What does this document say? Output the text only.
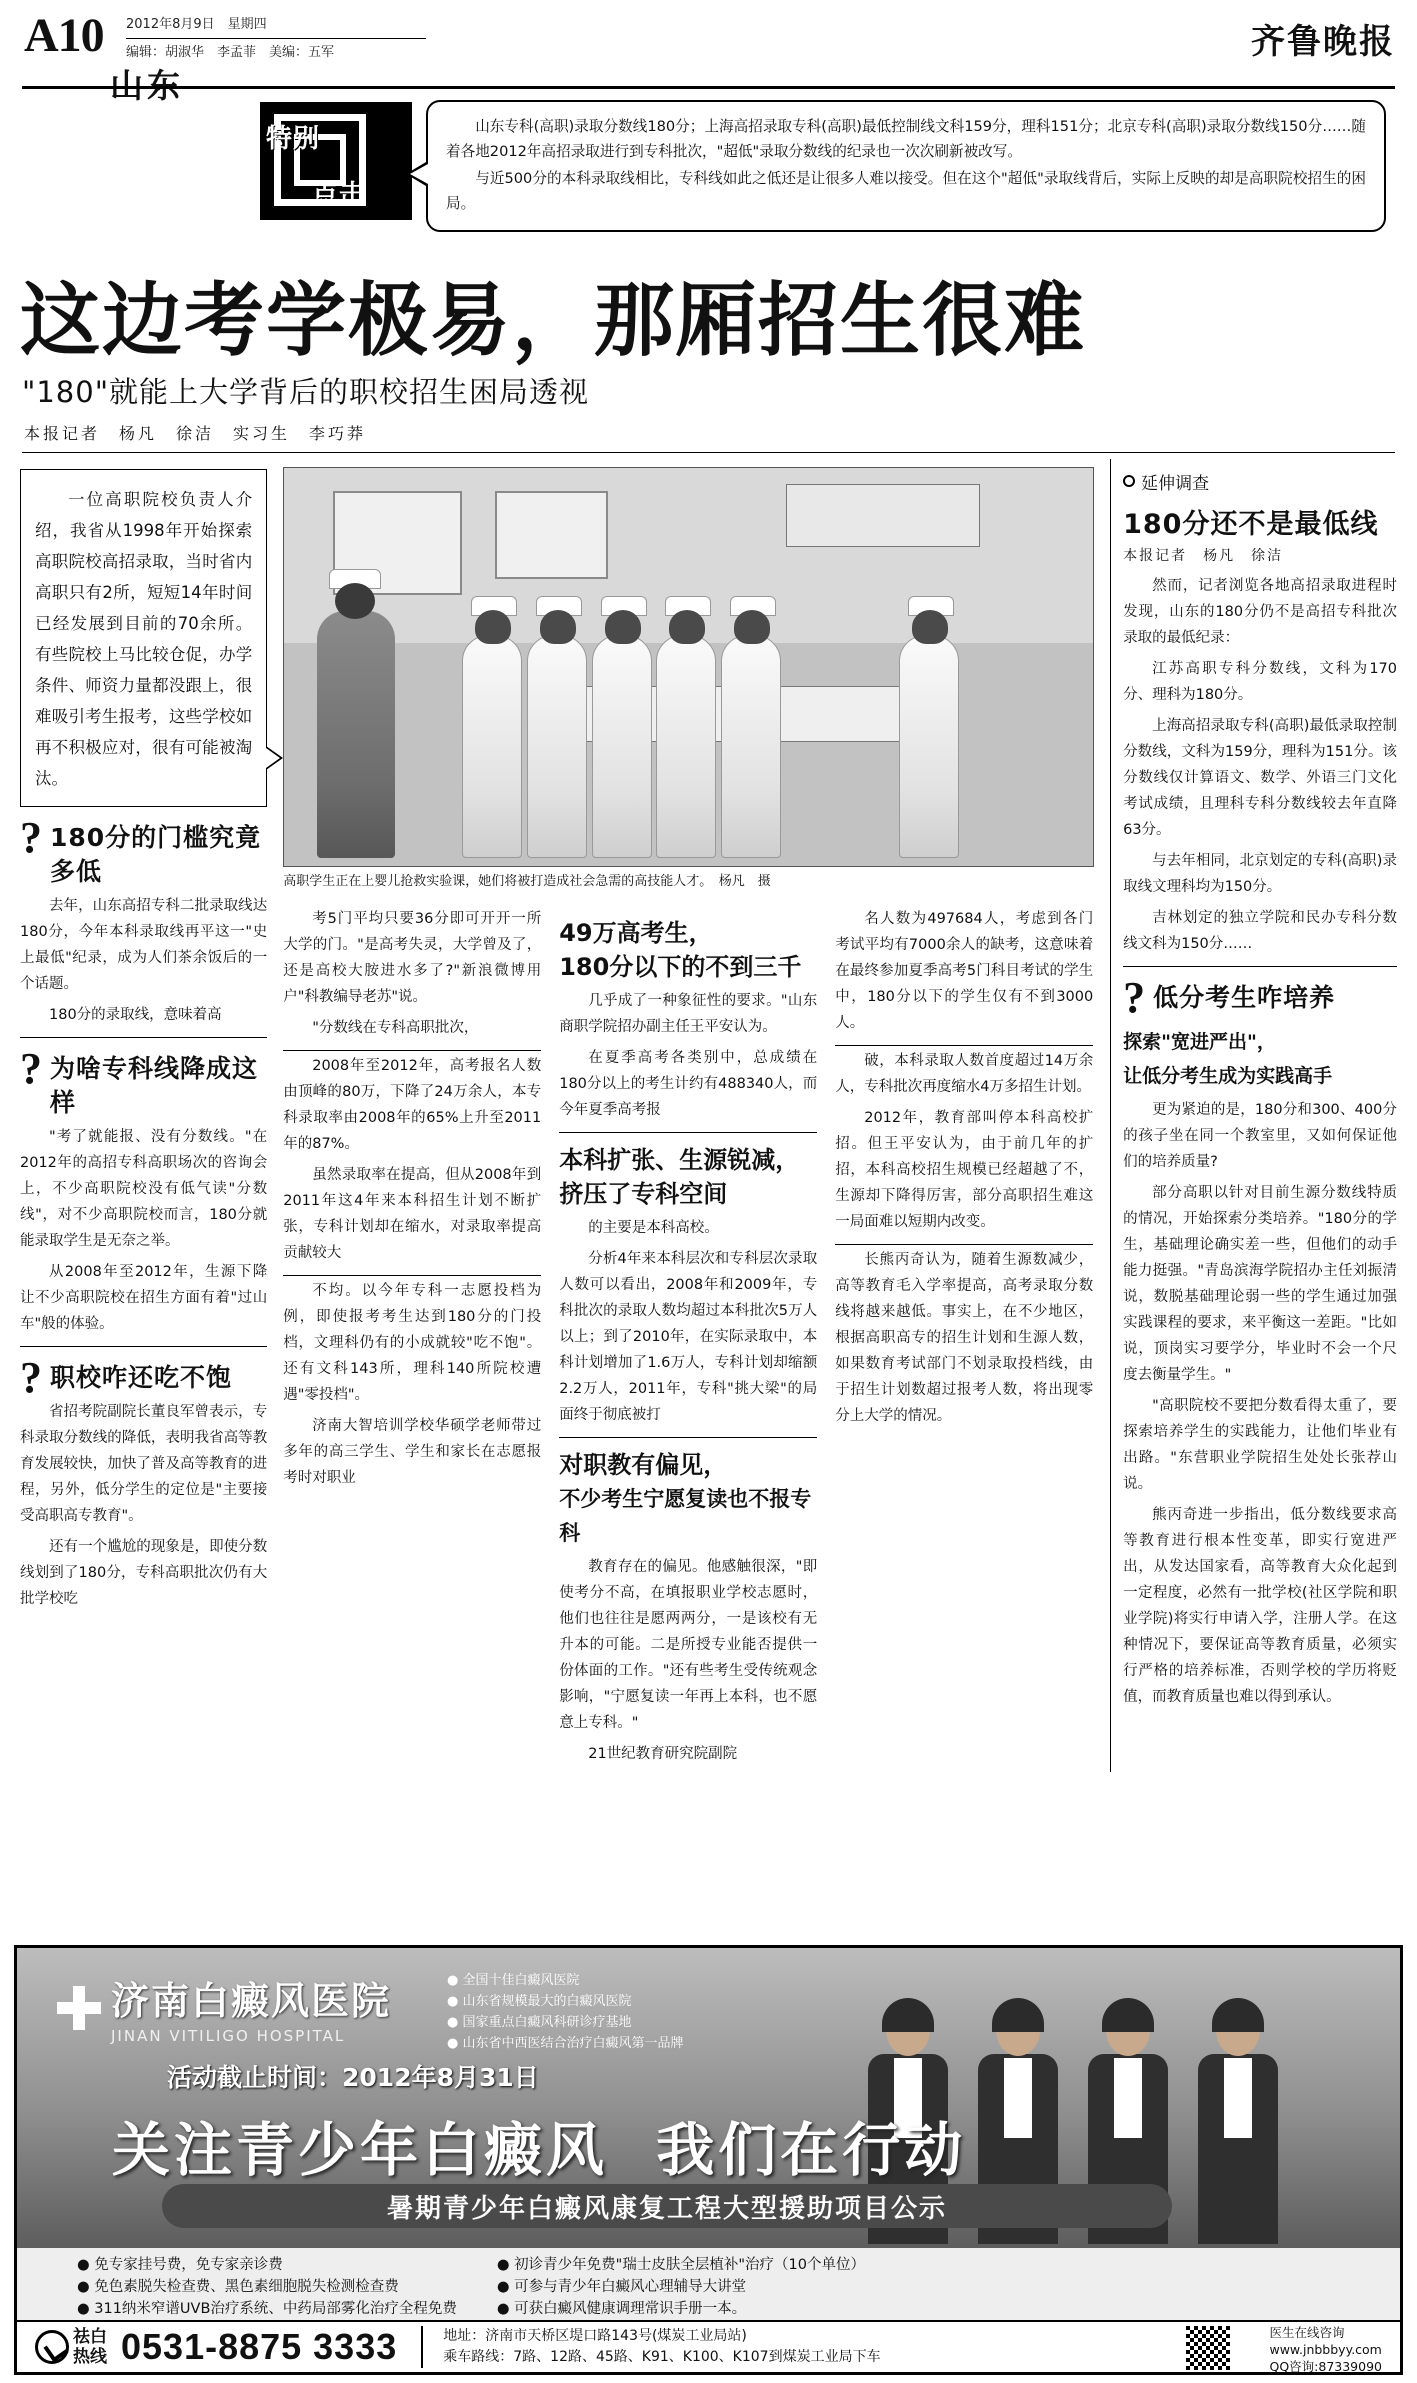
A10 2012年8月9日　星期四
编辑：胡淑华　李孟菲　美编：五军
山东
齐鲁晚报
特别
点击

山东专科(高职)录取分数线180分；上海高招录取专科(高职)最低控制线文科159分，理科151分；北京专科(高职)录取分数线150分……随着各地2012年高招录取进行到专科批次，"超低"录取分数线的纪录也一次次刷新被改写。

与近500分的本科录取线相比，专科线如此之低还是让很多人难以接受。但在这个"超低"录取线背后，实际上反映的却是高职院校招生的困局。

这边考学极易，那厢招生很难
"180"就能上大学背后的职校招生困局透视
本报记者　杨凡　徐洁　实习生　李巧莽

一位高职院校负责人介绍，我省从1998年开始探索高职院校高招录取，当时省内高职只有2所，短短14年时间已经发展到目前的70余所。有些院校上马比较仓促，办学条件、师资力量都没跟上，很难吸引考生报考，这些学校如再不积极应对，很有可能被淘汰。

? 180分的门槛究竟多低

去年，山东高招专科二批录取线达180分，今年本科录取线再平这一"史上最低"纪录，成为人们茶余饭后的一个话题。

180分的录取线，意味着高

? 为啥专科线降成这样

"考了就能报、没有分数线。"在2012年的高招专科高职场次的咨询会上，不少高职院校没有低气读"分数线"，对不少高职院校而言，180分就能录取学生是无奈之举。

从2008年至2012年，生源下降让不少高职院校在招生方面有着"过山车"般的体验。

? 职校咋还吃不饱

省招考院副院长董良军曾表示，专科录取分数线的降低，表明我省高等教育发展较快，加快了普及高等教育的进程，另外，低分学生的定位是"主要接受高职高专教育"。

还有一个尴尬的现象是，即使分数线划到了180分，专科高职批次仍有大批学校吃

高职学生正在上婴儿抢救实验课，她们将被打造成社会急需的高技能人才。　杨凡　摄

考5门平均只要36分即可开开一所大学的门。"是高考失灵，大学曾及了，还是高校大胺进水多了?"新浪微博用户"科教编导老苏"说。

"分数线在专科高职批次，

2008年至2012年，高考报名人数由顶峰的80万，下降了24万余人，本专科录取率由2008年的65%上升至2011年的87%。

虽然录取率在提高，但从2008年到2011年这4年来本科招生计划不断扩张，专科计划却在缩水，对录取率提高贡献较大

不均。以今年专科一志愿投档为例，即使报考考生达到180分的门投档，文理科仍有的小成就较"吃不饱"。还有文科143所，理科140所院校遭遇"零投档"。

济南大智培训学校华硕学老师带过多年的高三学生、学生和家长在志愿报考时对职业

49万高考生，
180分以下的不到三千

几乎成了一种象征性的要求。"山东商职学院招办副主任王平安认为。

在夏季高考各类别中，总成绩在180分以上的考生计约有488340人，而今年夏季高考报

本科扩张、生源锐减，
挤压了专科空间

的主要是本科高校。

分析4年来本科层次和专科层次录取人数可以看出，2008年和2009年，专科批次的录取人数均超过本科批次5万人以上；到了2010年，在实际录取中，本科计划增加了1.6万人，专科计划却缩额2.2万人，2011年，专科"挑大梁"的局面终于彻底被打

对职教有偏见，
不少考生宁愿复读也不报专科

教育存在的偏见。他感触很深，"即使考分不高，在填报职业学校志愿时，他们也往往是愿两两分，一是该校有无升本的可能。二是所授专业能否提供一份体面的工作。"还有些考生受传统观念影响，"宁愿复读一年再上本科，也不愿意上专科。"

21世纪教育研究院副院

名人数为497684人，考虑到各门考试平均有7000余人的缺考，这意味着在最终参加夏季高考5门科目考试的学生中，180分以下的学生仅有不到3000人。

破，本科录取人数首度超过14万余人，专科批次再度缩水4万多招生计划。

2012年，教育部叫停本科高校扩招。但王平安认为，由于前几年的扩招，本科高校招生规模已经超越了不，生源却下降得厉害，部分高职招生难这一局面难以短期内改变。

长熊丙奇认为，随着生源数减少，高等教育毛入学率提高，高考录取分数线将越来越低。事实上，在不少地区，根据高职高专的招生计划和生源人数，如果数育考试部门不划录取投档线，由于招生计划数超过报考人数，将出现零分上大学的情况。

延伸调查
180分还不是最低线
本报记者　杨凡　徐洁

然而，记者浏览各地高招录取进程时发现，山东的180分仍不是高招专科批次录取的最低纪录：

江苏高职专科分数线，文科为170分、理科为180分。

上海高招录取专科(高职)最低录取控制分数线，文科为159分，理科为151分。该分数线仅计算语文、数学、外语三门文化考试成绩，且理科专科分数线较去年直降63分。

与去年相同，北京划定的专科(高职)录取线文理科均为150分。

吉林划定的独立学院和民办专科分数线文科为150分……

? 低分考生咋培养
探索"宽进严出"，
让低分考生成为实践高手

更为紧迫的是，180分和300、400分的孩子坐在同一个教室里，又如何保证他们的培养质量?

部分高职以针对目前生源分数线特质的情况，开始探索分类培养。"180分的学生，基础理论确实差一些，但他们的动手能力挺强。"青岛滨海学院招办主任刘振清说，数脱基础理论弱一些的学生通过加强实践课程的要求，来平衡这一差距。"比如说，顶岗实习要学分，毕业时不会一个尺度去衡量学生。"

"高职院校不要把分数看得太重了，要探索培养学生的实践能力，让他们毕业有出路。"东营职业学院招生处处长张荐山说。

熊丙奇进一步指出，低分数线要求高等教育进行根本性变革，即实行宽进严出，从发达国家看，高等教育大众化起到一定程度，必然有一批学校(社区学院和职业学院)将实行申请入学，注册人学。在这种情况下，要保证高等教育质量，必须实行严格的培养标准，否则学校的学历将贬值，而教育质量也难以得到承认。

济南白癜风医院
JINAN VITILIGO HOSPITAL
● 全国十佳白癜风医院
● 山东省规模最大的白癜风医院
● 国家重点白癜风科研诊疗基地
● 山东省中西医结合治疗白癜风第一品牌
活动截止时间：2012年8月31日
关注青少年白癜风 我们在行动
暑期青少年白癜风康复工程大型援助项目公示
● 免专家挂号费，免专家亲诊费
● 免色素脱失检查费、黑色素细胞脱失检测检查费
● 311纳米窄谱UVB治疗系统、中药局部雾化治疗全程免费
● 初诊青少年免费"瑞士皮肤全层植补"治疗（10个单位）
● 可参与青少年白癜风心理辅导大讲堂
● 可获白癜风健康调理常识手册一本。
祛白
热线 0531-8875 3333	地址：济南市天桥区堤口路143号(煤炭工业局站)
乘车路线：7路、12路、45路、K91、K100、K107到煤炭工业局下车
医生在线咨询
www.jnbbbyy.com
QQ咨询:87339090
